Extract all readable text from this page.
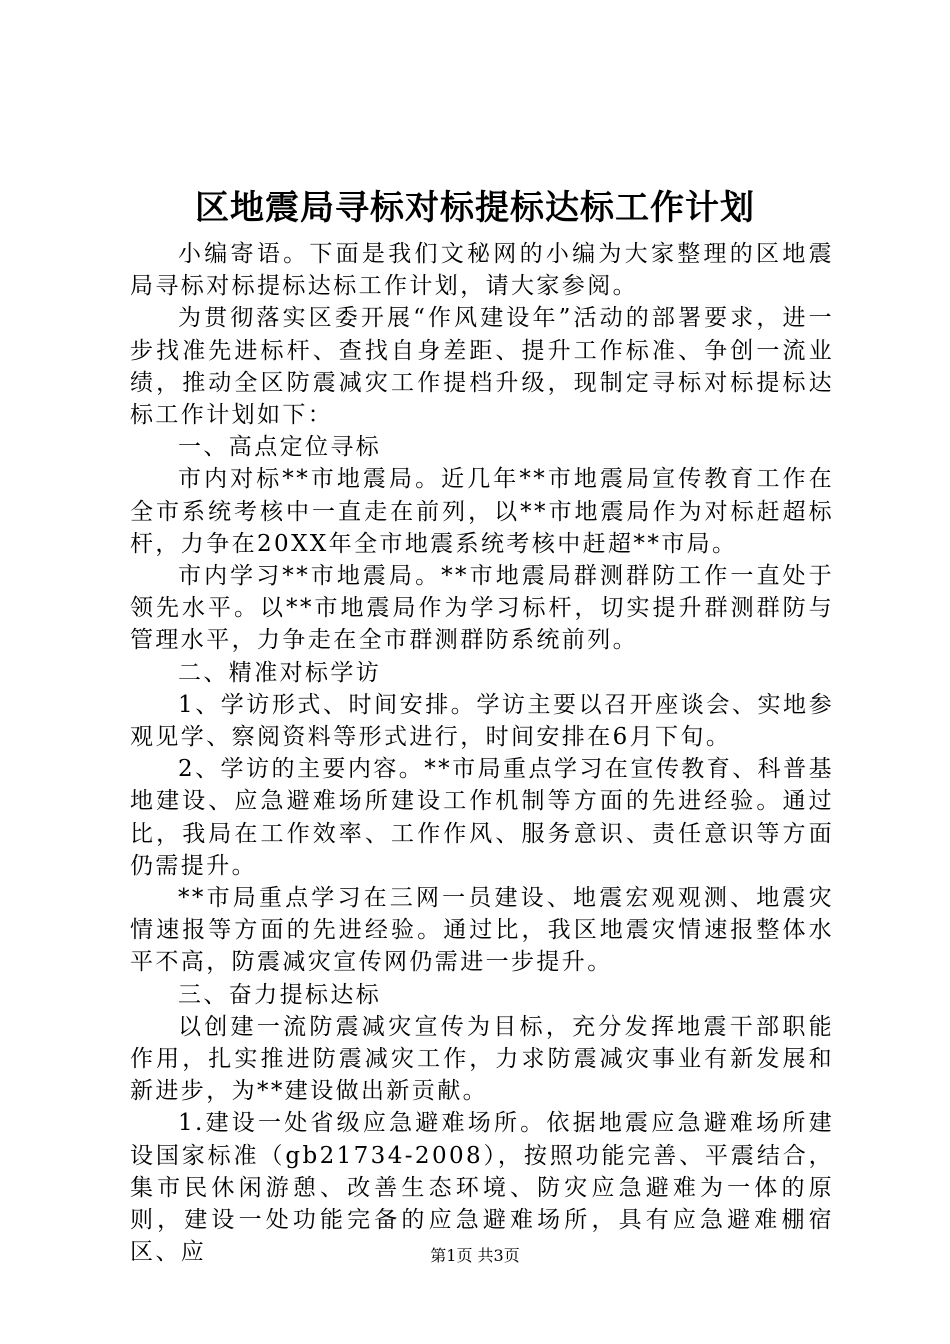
区地震局寻标对标提标达标工作计划

小编寄语。下面是我们文秘网的小编为大家整理的区地震局寻标对标提标达标工作计划，请大家参阅。

为贯彻落实区委开展“作风建设年”活动的部署要求，进一步找准先进标杆、查找自身差距、提升工作标准、争创一流业绩，推动全区防震减灾工作提档升级，现制定寻标对标提标达标工作计划如下：

一、高点定位寻标

市内对标**市地震局。近几年**市地震局宣传教育工作在全市系统考核中一直走在前列，以**市地震局作为对标赶超标杆，力争在20XX年全市地震系统考核中赶超**市局。

市内学习**市地震局。**市地震局群测群防工作一直处于领先水平。以**市地震局作为学习标杆，切实提升群测群防与管理水平，力争走在全市群测群防系统前列。

二、精准对标学访

1、学访形式、时间安排。学访主要以召开座谈会、实地参观见学、察阅资料等形式进行，时间安排在6月下旬。

2、学访的主要内容。**市局重点学习在宣传教育、科普基地建设、应急避难场所建设工作机制等方面的先进经验。通过比，我局在工作效率、工作作风、服务意识、责任意识等方面仍需提升。

**市局重点学习在三网一员建设、地震宏观观测、地震灾情速报等方面的先进经验。通过比，我区地震灾情速报整体水平不高，防震减灾宣传网仍需进一步提升。

三、奋力提标达标

以创建一流防震减灾宣传为目标，充分发挥地震干部职能作用，扎实推进防震减灾工作，力求防震减灾事业有新发展和新进步，为**建设做出新贡献。

1.建设一处省级应急避难场所。依据地震应急避难场所建设国家标准（gb21734-2008），按照功能完善、平震结合，集市民休闲游憩、改善生态环境、防灾应急避难为一体的原则，建设一处功能完备的应急避难场所，具有应急避难棚宿区、应	第1页 共3页
